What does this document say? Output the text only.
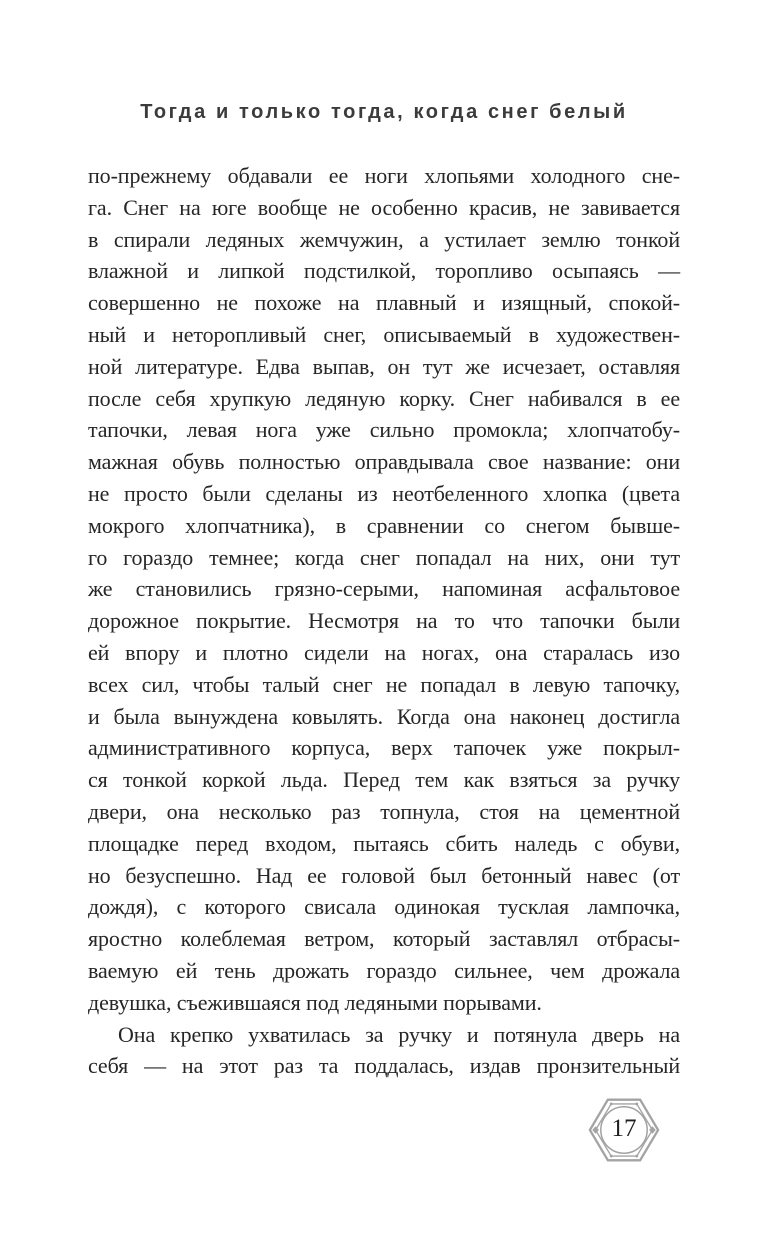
Тогда и только тогда, когда снег белый
по-прежнему обдавали ее ноги хлопьями холодного сне-
га. Снег на юге вообще не особенно красив, не завивается
в спирали ледяных жемчужин, а устилает землю тонкой
влажной и липкой подстилкой, торопливо осыпаясь —
совершенно не похоже на плавный и изящный, спокой-
ный и неторопливый снег, описываемый в художествен-
ной литературе. Едва выпав, он тут же исчезает, оставляя
после себя хрупкую ледяную корку. Снег набивался в ее
тапочки, левая нога уже сильно промокла; хлопчатобу-
мажная обувь полностью оправдывала свое название: они
не просто были сделаны из неотбеленного хлопка (цвета
мокрого хлопчатника), в сравнении со снегом бывше-
го гораздо темнее; когда снег попадал на них, они тут
же становились грязно-серыми, напоминая асфальтовое
дорожное покрытие. Несмотря на то что тапочки были
ей впору и плотно сидели на ногах, она старалась изо
всех сил, чтобы талый снег не попадал в левую тапочку,
и была вынуждена ковылять. Когда она наконец достигла
административного корпуса, верх тапочек уже покрыл-
ся тонкой коркой льда. Перед тем как взяться за ручку
двери, она несколько раз топнула, стоя на цементной
площадке перед входом, пытаясь сбить наледь с обуви,
но безуспешно. Над ее головой был бетонный навес (от
дождя), с которого свисала одинокая тусклая лампочка,
яростно колеблемая ветром, который заставлял отбрасы-
ваемую ей тень дрожать гораздо сильнее, чем дрожала
девушка, съежившаяся под ледяными порывами.
Она крепко ухватилась за ручку и потянула дверь на
себя — на этот раз та поддалась, издав пронзительный
17
